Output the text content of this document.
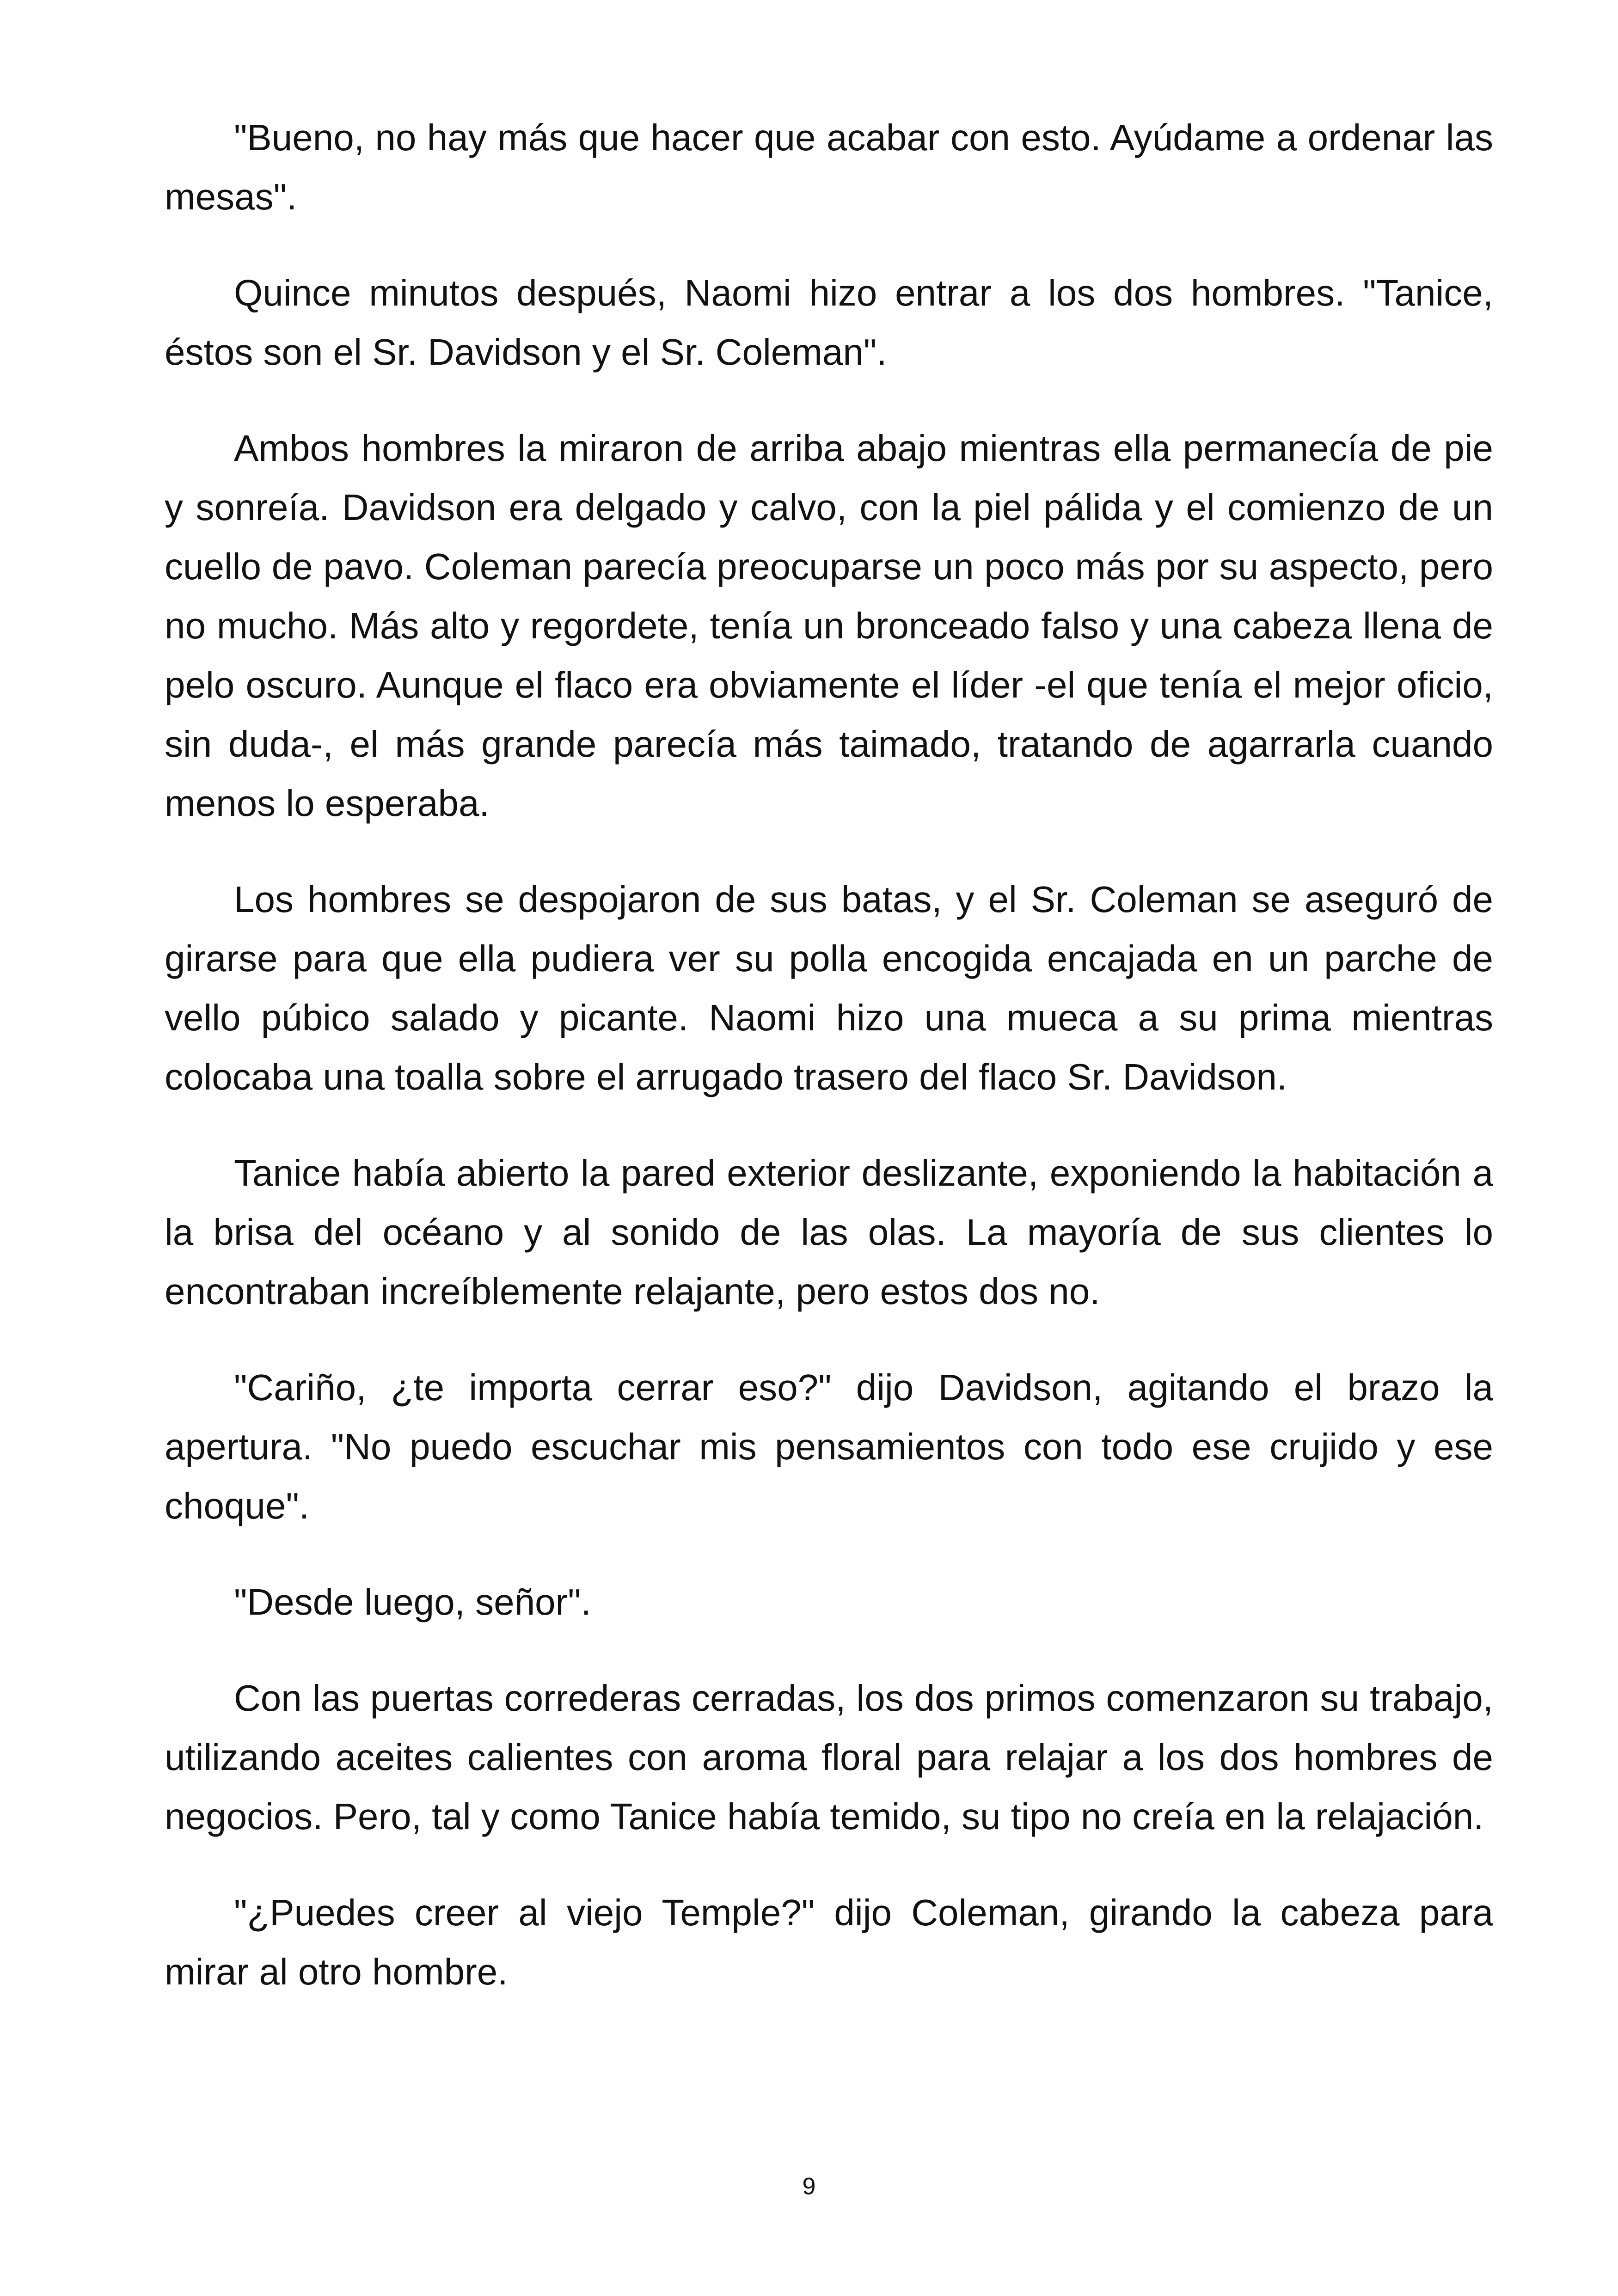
"Bueno, no hay más que hacer que acabar con esto. Ayúdame a ordenar las mesas".

Quince minutos después, Naomi hizo entrar a los dos hombres. "Tanice, éstos son el Sr. Davidson y el Sr. Coleman".

Ambos hombres la miraron de arriba abajo mientras ella permanecía de pie y sonreía. Davidson era delgado y calvo, con la piel pálida y el comienzo de un cuello de pavo. Coleman parecía preocuparse un poco más por su aspecto, pero no mucho. Más alto y regordete, tenía un bronceado falso y una cabeza llena de pelo oscuro. Aunque el flaco era obviamente el líder -el que tenía el mejor oficio, sin duda-, el más grande parecía más taimado, tratando de agarrarla cuando menos lo esperaba.

Los hombres se despojaron de sus batas, y el Sr. Coleman se aseguró de girarse para que ella pudiera ver su polla encogida encajada en un parche de vello púbico salado y picante. Naomi hizo una mueca a su prima mientras colocaba una toalla sobre el arrugado trasero del flaco Sr. Davidson.

Tanice había abierto la pared exterior deslizante, exponiendo la habitación a la brisa del océano y al sonido de las olas. La mayoría de sus clientes lo encontraban increíblemente relajante, pero estos dos no.

"Cariño, ¿te importa cerrar eso?" dijo Davidson, agitando el brazo la apertura. "No puedo escuchar mis pensamientos con todo ese crujido y ese choque".

"Desde luego, señor".

Con las puertas correderas cerradas, los dos primos comenzaron su trabajo, utilizando aceites calientes con aroma floral para relajar a los dos hombres de negocios. Pero, tal y como Tanice había temido, su tipo no creía en la relajación.

"¿Puedes creer al viejo Temple?" dijo Coleman, girando la cabeza para mirar al otro hombre.

9
